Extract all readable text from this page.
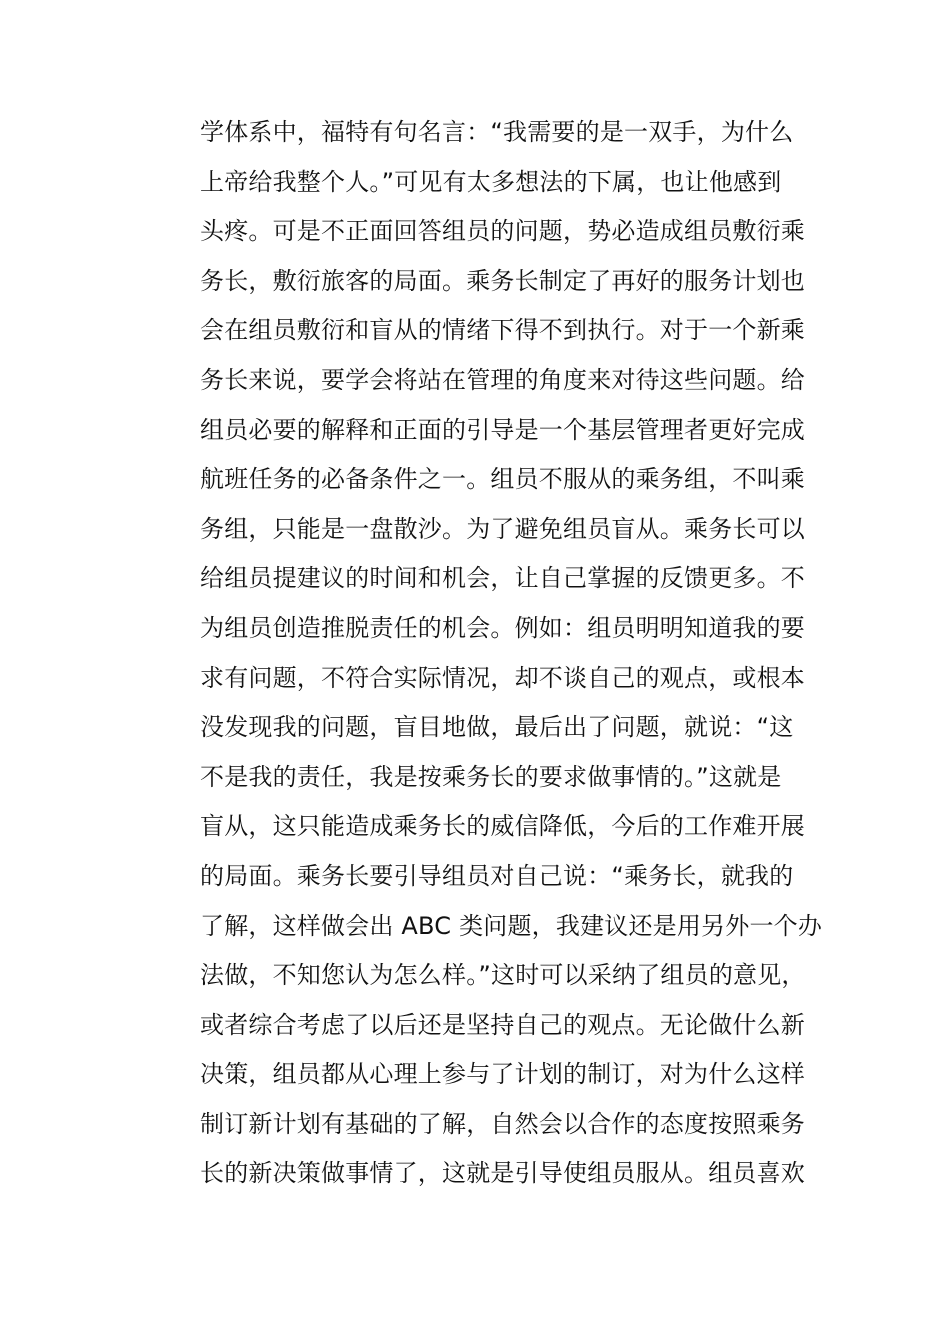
学体系中，福特有句名言：“我需要的是一双手，为什么
上帝给我整个人。”可见有太多想法的下属，也让他感到
头疼。可是不正面回答组员的问题，势必造成组员敷衍乘
务长，敷衍旅客的局面。乘务长制定了再好的服务计划也
会在组员敷衍和盲从的情绪下得不到执行。对于一个新乘
务长来说，要学会将站在管理的角度来对待这些问题。给
组员必要的解释和正面的引导是一个基层管理者更好完成
航班任务的必备条件之一。组员不服从的乘务组，不叫乘
务组，只能是一盘散沙。为了避免组员盲从。乘务长可以
给组员提建议的时间和机会，让自己掌握的反馈更多。不
为组员创造推脱责任的机会。例如：组员明明知道我的要
求有问题，不符合实际情况，却不谈自己的观点，或根本
没发现我的问题，盲目地做，最后出了问题，就说：“这
不是我的责任，我是按乘务长的要求做事情的。”这就是
盲从，这只能造成乘务长的威信降低，今后的工作难开展
的局面。乘务长要引导组员对自己说：“乘务长，就我的
了解，这样做会出 ABC 类问题，我建议还是用另外一个办
法做，不知您认为怎么样。”这时可以采纳了组员的意见，
或者综合考虑了以后还是坚持自己的观点。无论做什么新
决策，组员都从心理上参与了计划的制订，对为什么这样
制订新计划有基础的了解，自然会以合作的态度按照乘务
长的新决策做事情了，这就是引导使组员服从。组员喜欢
